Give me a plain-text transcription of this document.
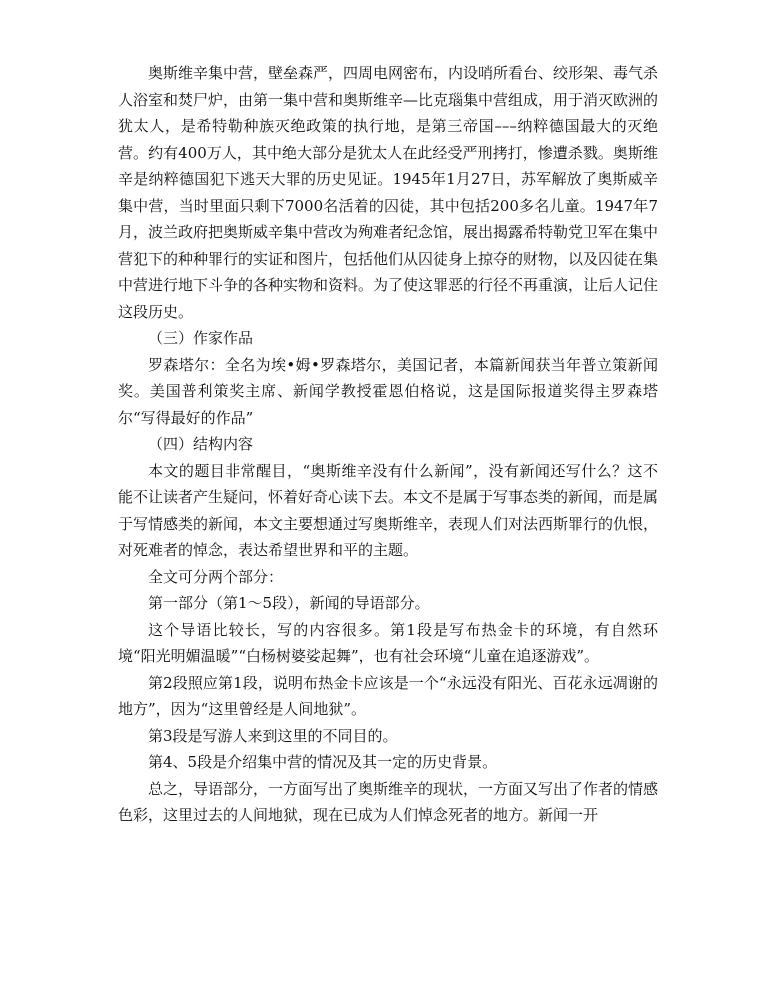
奥斯维辛集中营，壁垒森严，四周电网密布，内设哨所看台、绞形架、毒气杀人浴室和焚尸炉，由第一集中营和奥斯维辛—比克瑙集中营组成，用于消灭欧洲的犹太人，是希特勒种族灭绝政策的执行地，是第三帝国–––纳粹德国最大的灭绝营。约有400万人，其中绝大部分是犹太人在此经受严刑拷打，惨遭杀戮。奥斯维辛是纳粹德国犯下逃天大罪的历史见证。1945年1月27日，苏军解放了奥斯威辛集中营，当时里面只剩下7000名活着的囚徒，其中包括200多名儿童。1947年7月，波兰政府把奥斯威辛集中营改为殉难者纪念馆，展出揭露希特勒党卫军在集中营犯下的种种罪行的实证和图片，包括他们从囚徒身上掠夺的财物，以及囚徒在集中营进行地下斗争的各种实物和资料。为了使这罪恶的行径不再重演，让后人记住这段历史。

（三）作家作品

罗森塔尔：全名为埃•姆•罗森塔尔，美国记者，本篇新闻获当年普立策新闻奖。美国普利策奖主席、新闻学教授霍恩伯格说，这是国际报道奖得主罗森塔尔“写得最好的作品”

（四）结构内容

本文的题目非常醒目，“奥斯维辛没有什么新闻”，没有新闻还写什么？这不能不让读者产生疑问，怀着好奇心读下去。本文不是属于写事态类的新闻，而是属于写情感类的新闻，本文主要想通过写奥斯维辛，表现人们对法西斯罪行的仇恨，对死难者的悼念，表达希望世界和平的主题。

全文可分两个部分：

第一部分（第1～5段），新闻的导语部分。

这个导语比较长，写的内容很多。第1段是写布热金卡的环境，有自然环境“阳光明媚温暖”“白杨树婆娑起舞”，也有社会环境“儿童在追逐游戏”。

第2段照应第1段，说明布热金卡应该是一个“永远没有阳光、百花永远凋谢的地方”，因为“这里曾经是人间地狱”。

第3段是写游人来到这里的不同目的。

第4、5段是介绍集中营的情况及其一定的历史背景。

总之，导语部分，一方面写出了奥斯维辛的现状，一方面又写出了作者的情感色彩，这里过去的人间地狱，现在已成为人们悼念死者的地方。新闻一开
